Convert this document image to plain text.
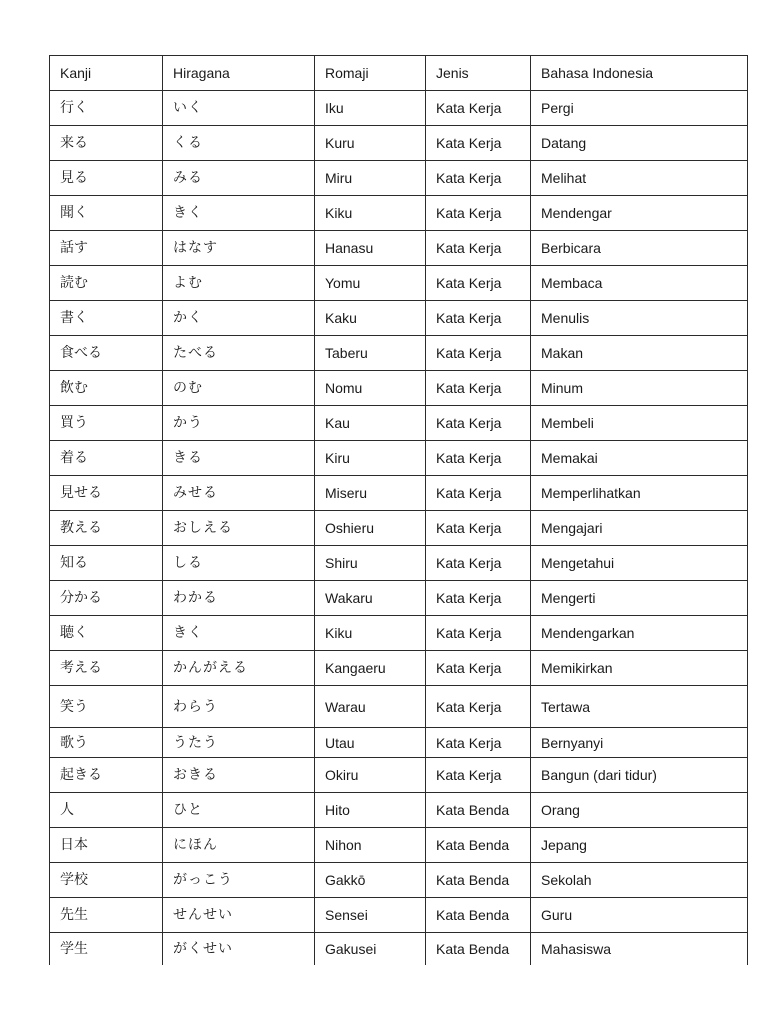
Kanji	Hiragana	Romaji	Jenis	Bahasa Indonesia
行く	いく	Iku	Kata Kerja	Pergi
来る	くる	Kuru	Kata Kerja	Datang
見る	みる	Miru	Kata Kerja	Melihat
聞く	きく	Kiku	Kata Kerja	Mendengar
話す	はなす	Hanasu	Kata Kerja	Berbicara
読む	よむ	Yomu	Kata Kerja	Membaca
書く	かく	Kaku	Kata Kerja	Menulis
食べる	たべる	Taberu	Kata Kerja	Makan
飲む	のむ	Nomu	Kata Kerja	Minum
買う	かう	Kau	Kata Kerja	Membeli
着る	きる	Kiru	Kata Kerja	Memakai
見せる	みせる	Miseru	Kata Kerja	Memperlihatkan
教える	おしえる	Oshieru	Kata Kerja	Mengajari
知る	しる	Shiru	Kata Kerja	Mengetahui
分かる	わかる	Wakaru	Kata Kerja	Mengerti
聴く	きく	Kiku	Kata Kerja	Mendengarkan
考える	かんがえる	Kangaeru	Kata Kerja	Memikirkan
笑う	わらう	Warau	Kata Kerja	Tertawa
歌う	うたう	Utau	Kata Kerja	Bernyanyi
起きる	おきる	Okiru	Kata Kerja	Bangun (dari tidur)
人	ひと	Hito	Kata Benda	Orang
日本	にほん	Nihon	Kata Benda	Jepang
学校	がっこう	Gakkō	Kata Benda	Sekolah
先生	せんせい	Sensei	Kata Benda	Guru
学生	がくせい	Gakusei	Kata Benda	Mahasiswa
